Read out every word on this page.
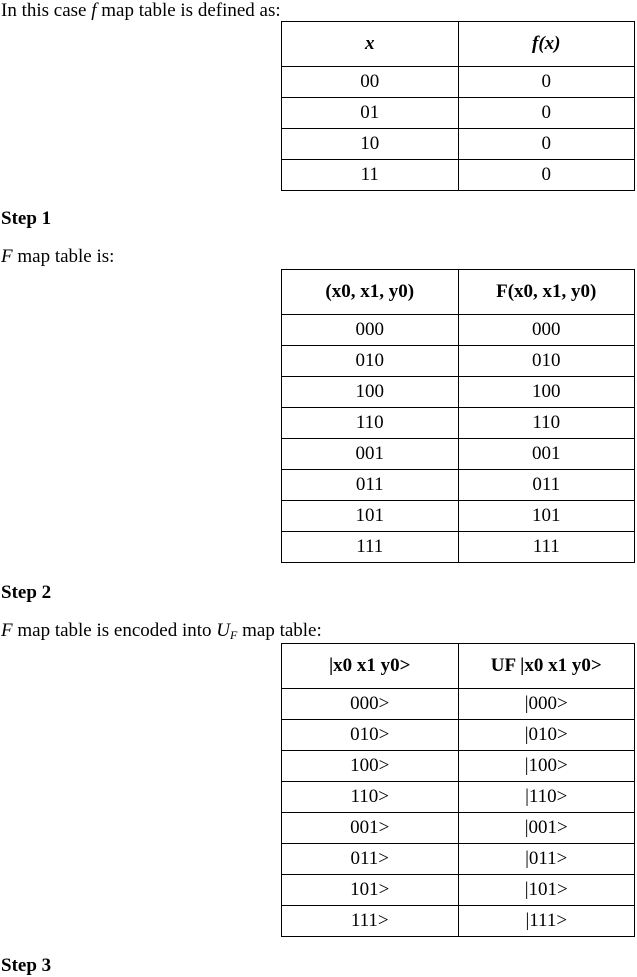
In this case f map table is defined as:
x	f(x)
00	0
01	0
10	0
11	0
Step 1
F map table is:
(x0, x1, y0)	F(x0, x1, y0)
000	000
010	010
100	100
110	110
001	001
011	011
101	101
111	111
Step 2
F map table is encoded into $U_F$ map table:
|x0 x1 y0>	UF |x0 x1 y0>
000>	|000>
010>	|010>
100>	|100>
110>	|110>
001>	|001>
011>	|011>
101>	|101>
111>	|111>
Step 3
